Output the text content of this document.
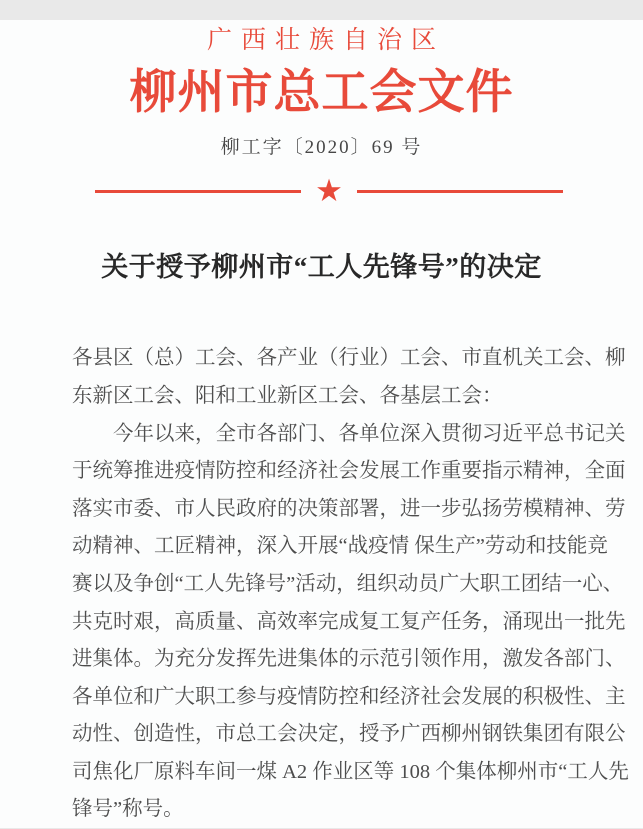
广西壮族自治区
柳州市总工会文件
柳工字〔2020〕69 号
★
关于授予柳州市“工人先锋号”的决定
各县区（总）工会、各产业（行业）工会、市直机关工会、柳
东新区工会、阳和工业新区工会、各基层工会：
今年以来，全市各部门、各单位深入贯彻习近平总书记关
于统筹推进疫情防控和经济社会发展工作重要指示精神，全面
落实市委、市人民政府的决策部署，进一步弘扬劳模精神、劳
动精神、工匠精神，深入开展“战疫情 保生产”劳动和技能竞
赛以及争创“工人先锋号”活动，组织动员广大职工团结一心、
共克时艰，高质量、高效率完成复工复产任务，涌现出一批先
进集体。为充分发挥先进集体的示范引领作用，激发各部门、
各单位和广大职工参与疫情防控和经济社会发展的积极性、主
动性、创造性，市总工会决定，授予广西柳州钢铁集团有限公
司焦化厂原料车间一煤 A2 作业区等 108 个集体柳州市“工人先
锋号”称号。
